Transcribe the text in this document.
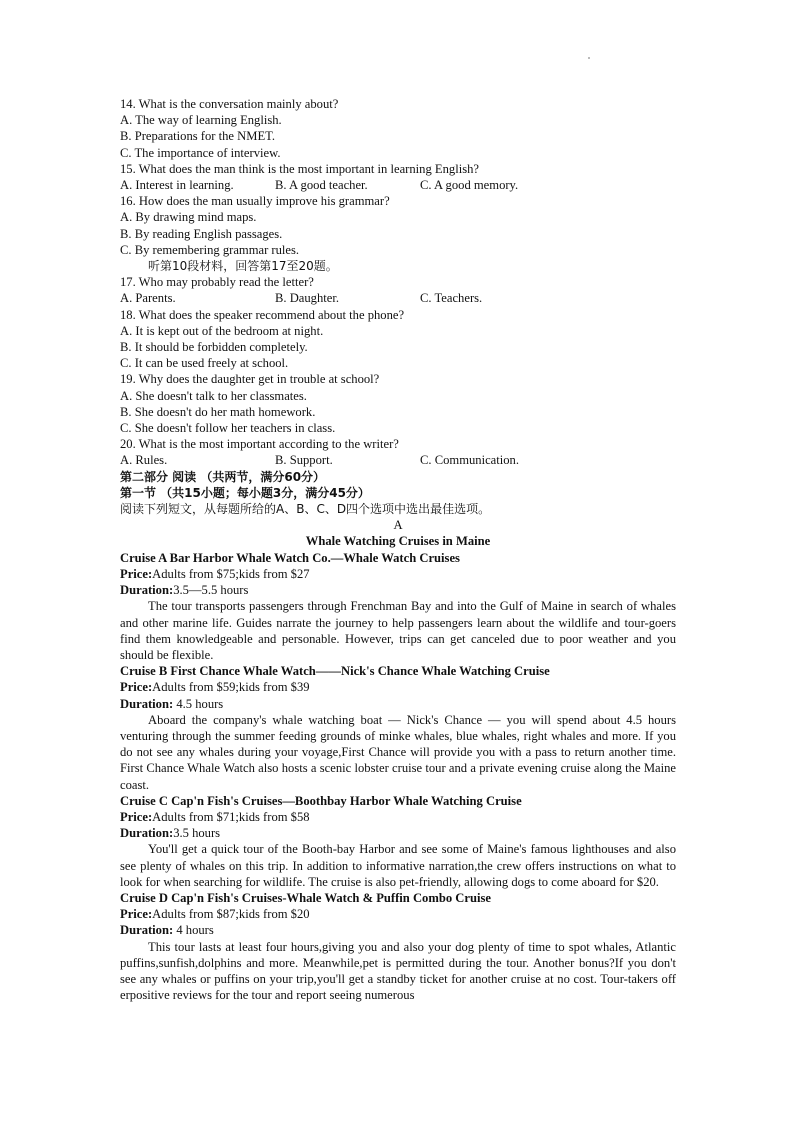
14. What is the conversation mainly about?
A. The way of learning English.
B. Preparations for the NMET.
C. The importance of interview.
15. What does the man think is the most important in learning English?
A. Interest in learning.	B. A good teacher.	C. A good memory.
16. How does the man usually improve his grammar?
A. By drawing mind maps.
B. By reading English passages.
C. By remembering grammar rules.
听第10段材料，回答第17至20题。
17. Who may probably read the letter?
A. Parents.	B. Daughter.	C. Teachers.
18. What does the speaker recommend about the phone?
A. It is kept out of the bedroom at night.
B. It should be forbidden completely.
C. It can be used freely at school.
19. Why does the daughter get in trouble at school?
A. She doesn't talk to her classmates.
B. She doesn't do her math homework.
C. She doesn't follow her teachers in class.
20. What is the most important according to the writer?
A. Rules.	B. Support.	C. Communication.
第二部分 阅读 （共两节，满分60分）
第一节 （共15小题；每小题3分，满分45分）
阅读下列短文，从每题所给的A、B、C、D四个选项中选出最佳选项。
A
Whale Watching Cruises in Maine
Cruise A Bar Harbor Whale Watch Co.—Whale Watch Cruises
Price:Adults from $75;kids from $27
Duration:3.5—5.5 hours

The tour transports passengers through Frenchman Bay and into the Gulf of Maine in search of whales and other marine life. Guides narrate the journey to help passengers learn about the wildlife and tour-goers find them knowledgeable and personable. However, trips can get canceled due to poor weather and you should be flexible.

Cruise B First Chance Whale Watch——Nick's Chance Whale Watching Cruise
Price:Adults from $59;kids from $39
Duration: 4.5 hours

Aboard the company's whale watching boat — Nick's Chance — you will spend about 4.5 hours venturing through the summer feeding grounds of minke whales, blue whales, right whales and more. If you do not see any whales during your voyage,First Chance will provide you with a pass to return another time. First Chance Whale Watch also hosts a scenic lobster cruise tour and a private evening cruise along the Maine coast.

Cruise C Cap'n Fish's Cruises—Boothbay Harbor Whale Watching Cruise
Price:Adults from $71;kids from $58
Duration:3.5 hours

You'll get a quick tour of the Booth-bay Harbor and see some of Maine's famous lighthouses and also see plenty of whales on this trip. In addition to informative narration,the crew offers instructions on what to look for when searching for wildlife. The cruise is also pet-friendly, allowing dogs to come aboard for $20.

Cruise D Cap'n Fish's Cruises-Whale Watch & Puffin Combo Cruise
Price:Adults from $87;kids from $20
Duration: 4 hours

This tour lasts at least four hours,giving you and also your dog plenty of time to spot whales, Atlantic puffins,sunfish,dolphins and more. Meanwhile,pet is permitted during the tour. Another bonus?If you don't see any whales or puffins on your trip,you'll get a standby ticket for another cruise at no cost. Tour-takers off erpositive reviews for the tour and report seeing numerous
